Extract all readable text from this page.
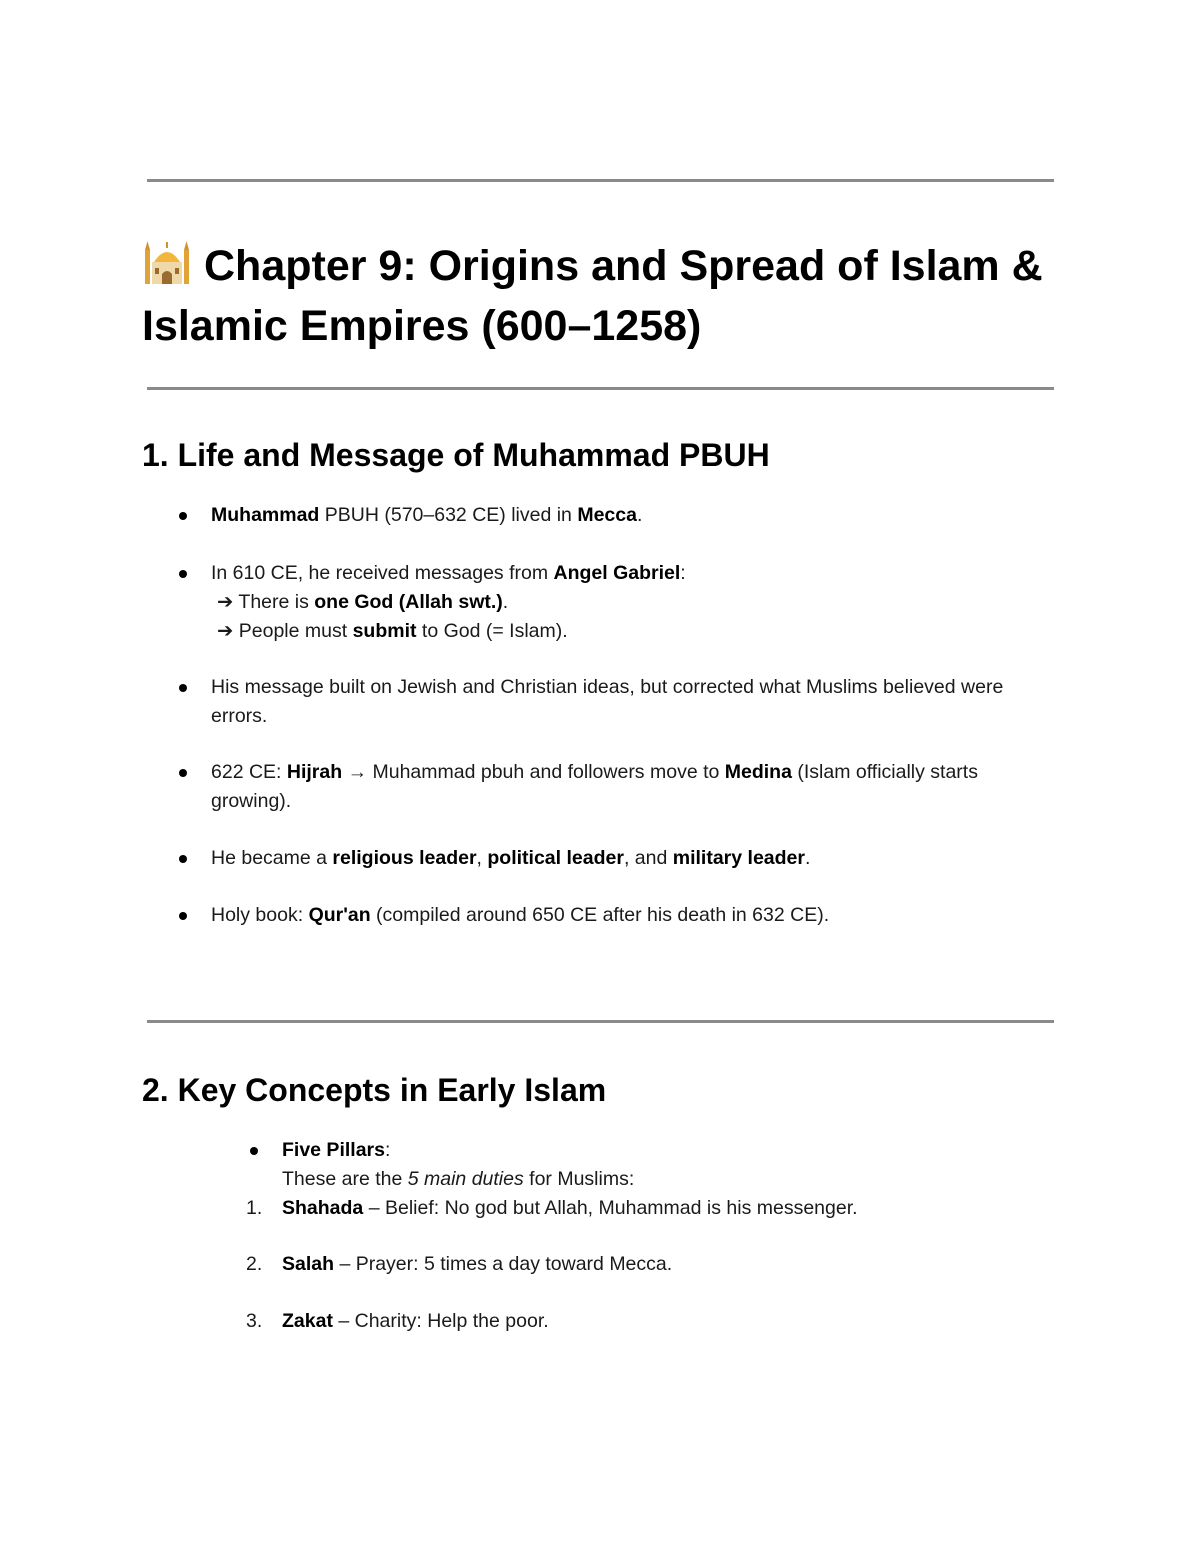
Chapter 9: Origins and Spread of Islam & Islamic Empires (600–1258)
1. Life and Message of Muhammad PBUH
Muhammad PBUH (570–632 CE) lived in Mecca.
In 610 CE, he received messages from Angel Gabriel:
➔ There is one God (Allah swt.).
➔ People must submit to God (= Islam).
His message built on Jewish and Christian ideas, but corrected what Muslims believed were errors.
622 CE: Hijrah → Muhammad pbuh and followers move to Medina (Islam officially starts growing).
He became a religious leader, political leader, and military leader.
Holy book: Qur'an (compiled around 650 CE after his death in 632 CE).
2. Key Concepts in Early Islam
Five Pillars:
These are the 5 main duties for Muslims:
1. Shahada – Belief: No god but Allah, Muhammad is his messenger.
2. Salah – Prayer: 5 times a day toward Mecca.
3. Zakat – Charity: Help the poor.
